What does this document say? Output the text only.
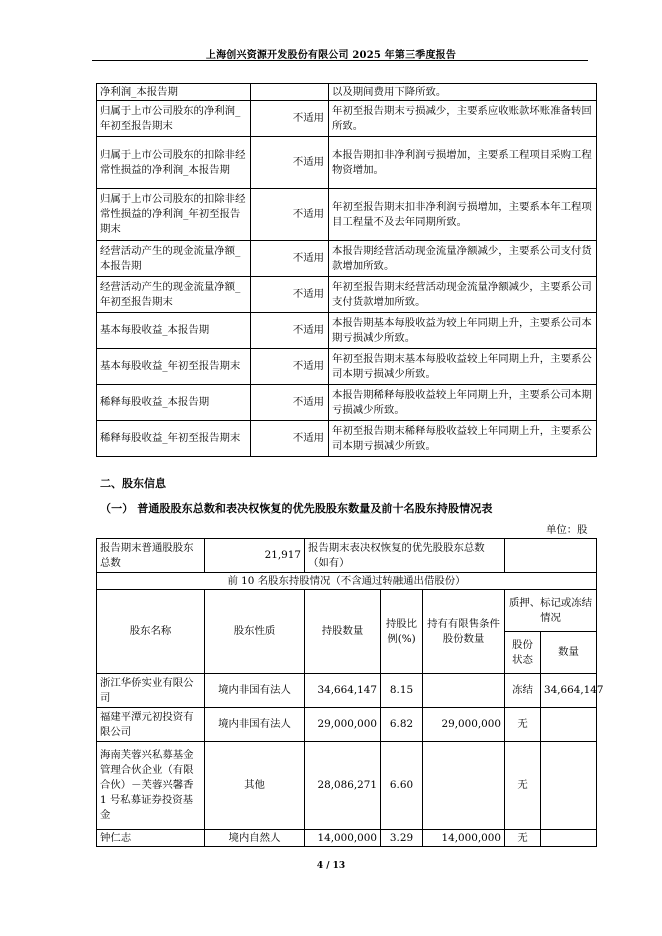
上海创兴资源开发股份有限公司 2025 年第三季度报告
净利润_本报告期		以及期间费用下降所致。
归属于上市公司股东的净利润_年初至报告期末	不适用	年初至报告期末亏损减少，主要系应收账款坏账准备转回所致。
归属于上市公司股东的扣除非经常性损益的净利润_本报告期	不适用	本报告期扣非净利润亏损增加，主要系工程项目采购工程物资增加。
归属于上市公司股东的扣除非经常性损益的净利润_年初至报告期末	不适用	年初至报告期末扣非净利润亏损增加，主要系本年工程项目工程量不及去年同期所致。
经营活动产生的现金流量净额_本报告期	不适用	本报告期经营活动现金流量净额减少，主要系公司支付货款增加所致。
经营活动产生的现金流量净额_年初至报告期末	不适用	年初至报告期末经营活动现金流量净额减少，主要系公司支付货款增加所致。
基本每股收益_本报告期	不适用	本报告期基本每股收益为较上年同期上升，主要系公司本期亏损减少所致。
基本每股收益_年初至报告期末	不适用	年初至报告期末基本每股收益较上年同期上升，主要系公司本期亏损减少所致。
稀释每股收益_本报告期	不适用	本报告期稀释每股收益较上年同期上升，主要系公司本期亏损减少所致。
稀释每股收益_年初至报告期末	不适用	年初至报告期末稀释每股收益较上年同期上升，主要系公司本期亏损减少所致。
二、股东信息
（一） 普通股股东总数和表决权恢复的优先股股东数量及前十名股东持股情况表
单位：股
报告期末普通股股东总数	21,917	报告期末表决权恢复的优先股股东总数（如有）				
前 10 名股东持股情况（不含通过转融通出借股份）						
股东名称	股东性质	持股数量	持股比例(%)	持有有限售条件股份数量	质押、标记或冻结情况	
					股份状态	数量
浙江华侨实业有限公司	境内非国有法人	34,664,147	8.15		冻结	34,664,147
福建平潭元初投资有限公司	境内非国有法人	29,000,000	6.82	29,000,000	无	
海南芙蓉兴私募基金管理合伙企业（有限合伙）－芙蓉兴馨香 1 号私募证券投资基金	其他	28,086,271	6.60		无	
钟仁志	境内自然人	14,000,000	3.29	14,000,000	无	
4 / 13
